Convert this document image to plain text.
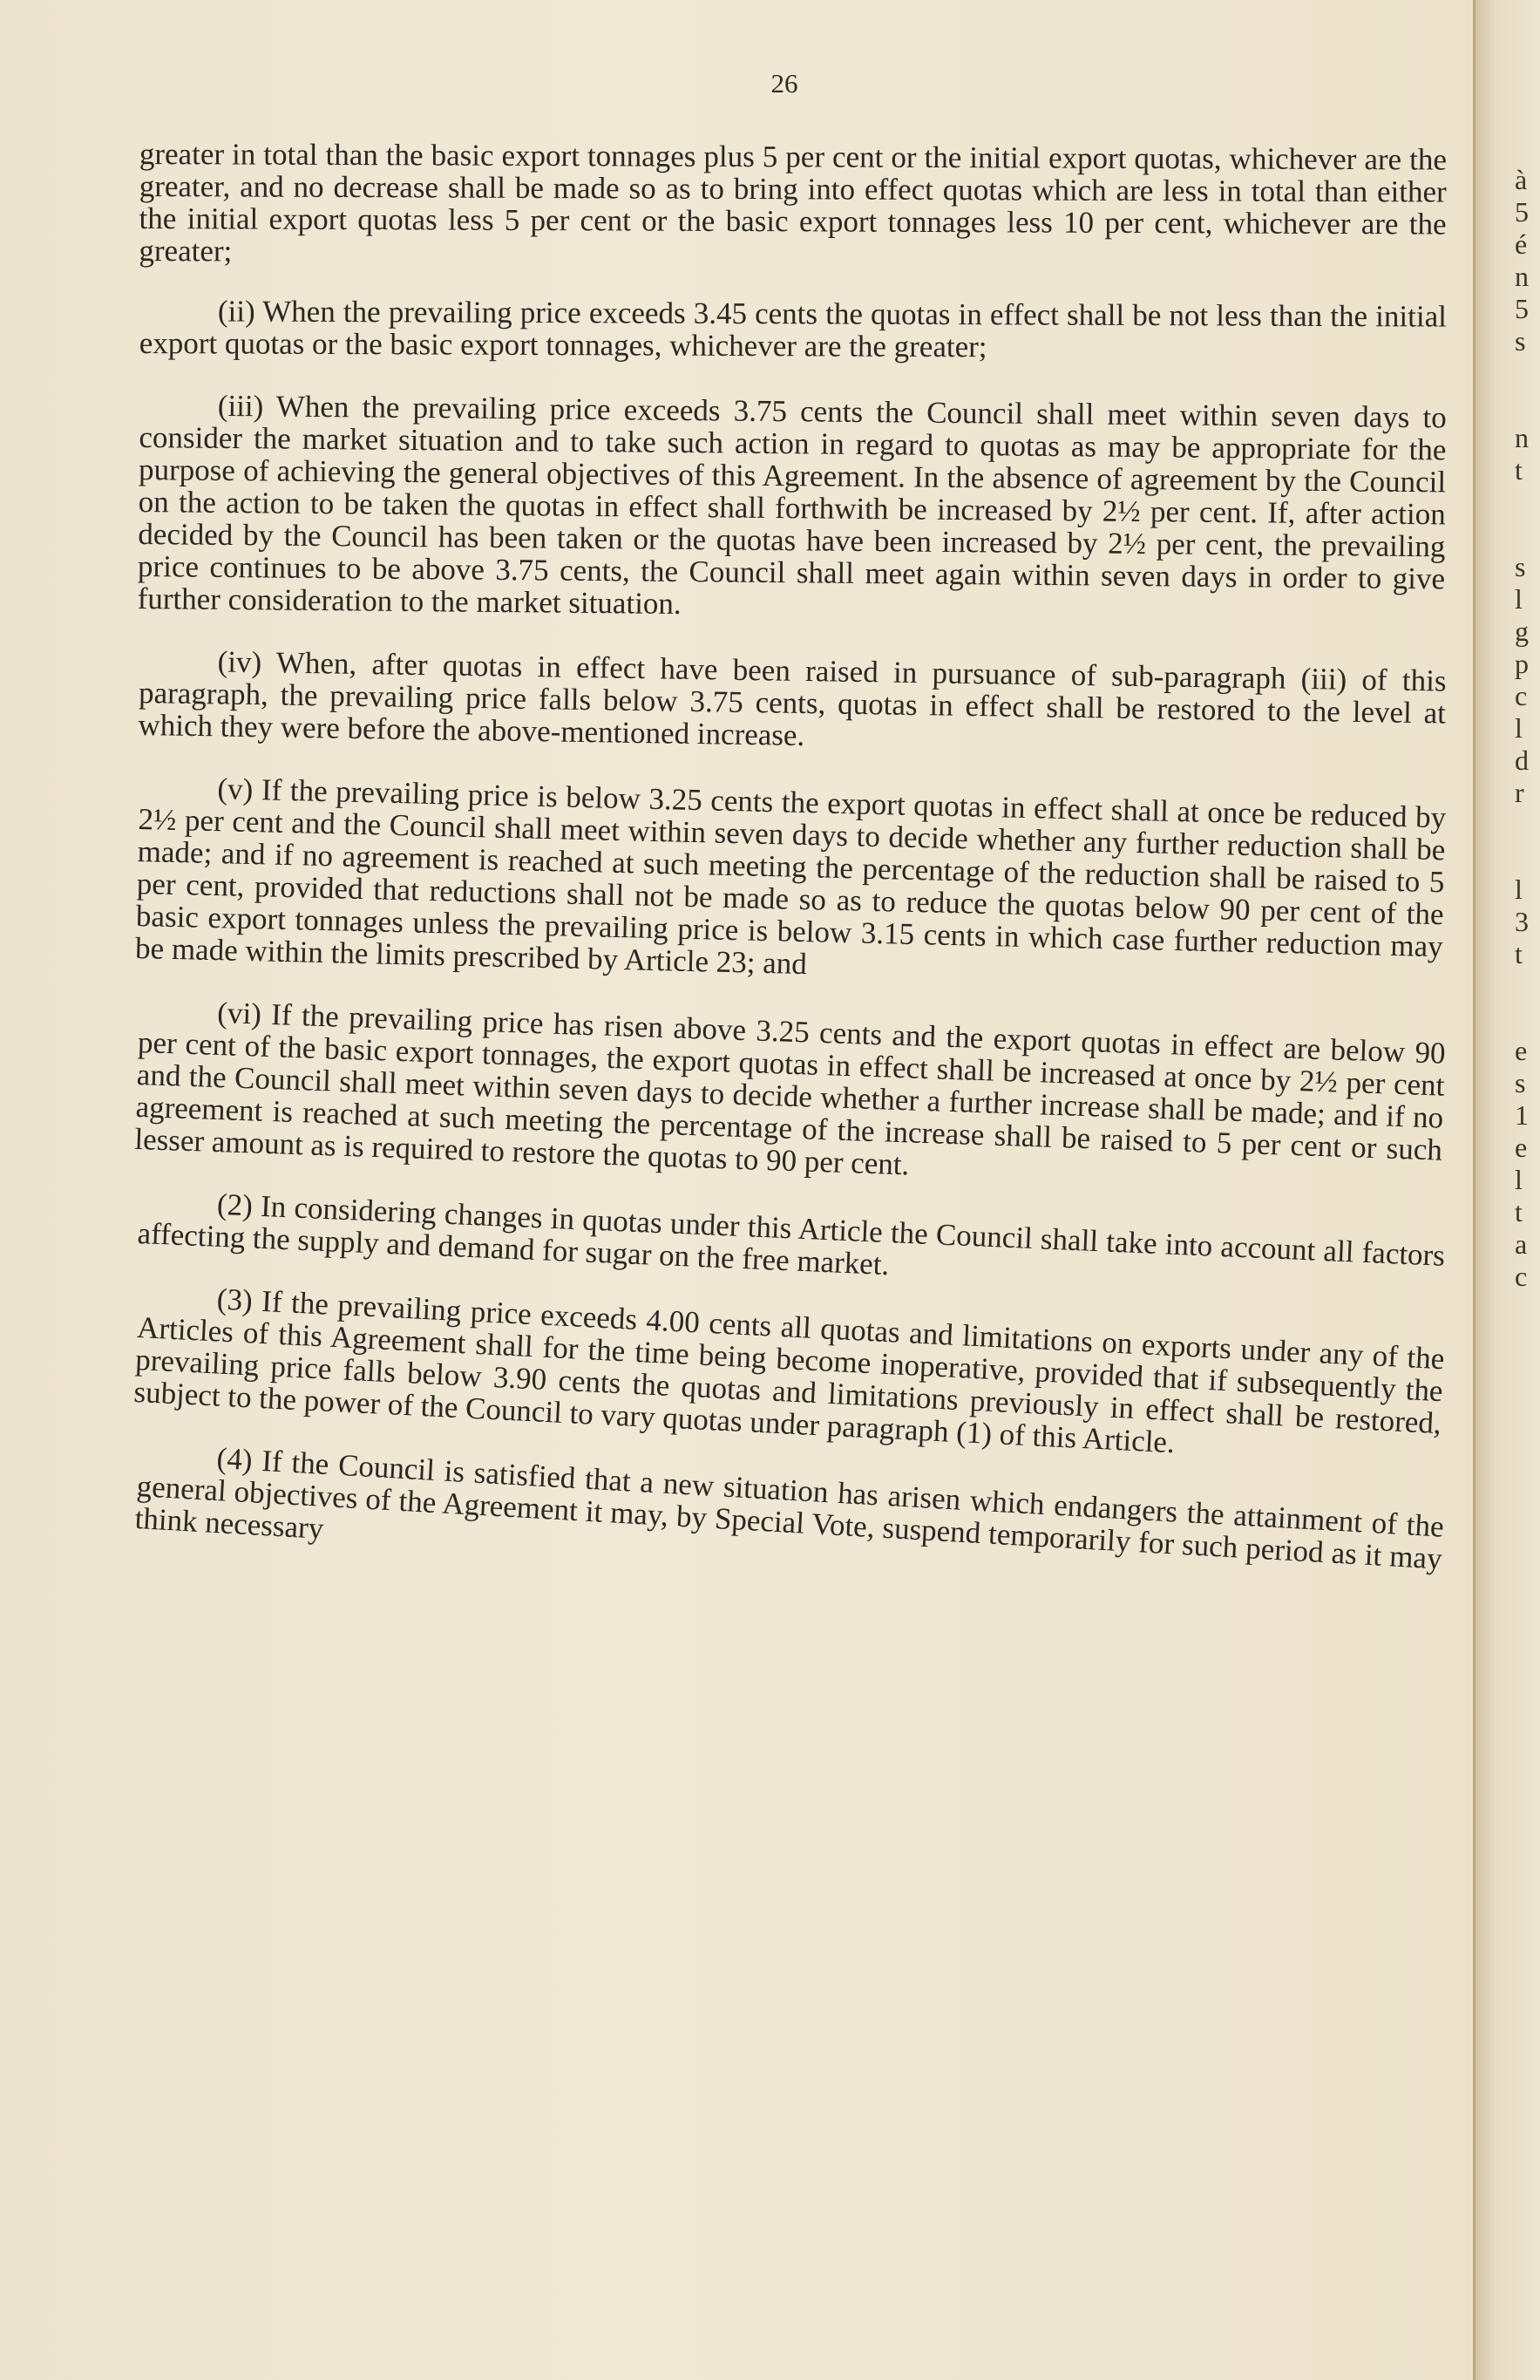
26

greater in total than the basic export tonnages plus 5 per cent or the initial export quotas, whichever are the greater, and no decrease shall be made so as to bring into effect quotas which are less in total than either the initial export quotas less 5 per cent or the basic export tonnages less 10 per cent, whichever are the greater;

(ii) When the prevailing price exceeds 3.45 cents the quotas in effect shall be not less than the initial export quotas or the basic export tonnages, whichever are the greater;

(iii) When the prevailing price exceeds 3.75 cents the Council shall meet within seven days to consider the market situation and to take such action in regard to quotas as may be appropriate for the purpose of achieving the general objectives of this Agreement. In the absence of agreement by the Council on the action to be taken the quotas in effect shall forthwith be increased by 2½ per cent. If, after action decided by the Council has been taken or the quotas have been increased by 2½ per cent, the prevailing price continues to be above 3.75 cents, the Council shall meet again within seven days in order to give further consideration to the market situation.

(iv) When, after quotas in effect have been raised in pursuance of sub-paragraph (iii) of this paragraph, the prevailing price falls below 3.75 cents, quotas in effect shall be restored to the level at which they were before the above-mentioned increase.

(v) If the prevailing price is below 3.25 cents the export quotas in effect shall at once be reduced by 2½ per cent and the Council shall meet within seven days to decide whether any further reduction shall be made; and if no agreement is reached at such meeting the percentage of the reduction shall be raised to 5 per cent, provided that reductions shall not be made so as to reduce the quotas below 90 per cent of the basic export tonnages unless the prevailing price is below 3.15 cents in which case further reduction may be made within the limits prescribed by Article 23; and

(vi) If the prevailing price has risen above 3.25 cents and the export quotas in effect are below 90 per cent of the basic export tonnages, the export quotas in effect shall be increased at once by 2½ per cent and the Council shall meet within seven days to decide whether a further increase shall be made; and if no agreement is reached at such meeting the percentage of the increase shall be raised to 5 per cent or such lesser amount as is required to restore the quotas to 90 per cent.

(2) In considering changes in quotas under this Article the Council shall take into account all factors affecting the supply and demand for sugar on the free market.

(3) If the prevailing price exceeds 4.00 cents all quotas and limitations on exports under any of the Articles of this Agreement shall for the time being become inoperative, provided that if subsequently the prevailing price falls below 3.90 cents the quotas and limitations previously in effect shall be restored, subject to the power of the Council to vary quotas under paragraph (1) of this Article.

(4) If the Council is satisfied that a new situation has arisen which endangers the attainment of the general objectives of the Agreement it may, by Special Vote, suspend temporarily for such period as it may think necessary

à
5
é
n
5
s
n
t
s
l
g
p
c
l
d
r
l
3
t
e
s
1
e
l
t
a
c
